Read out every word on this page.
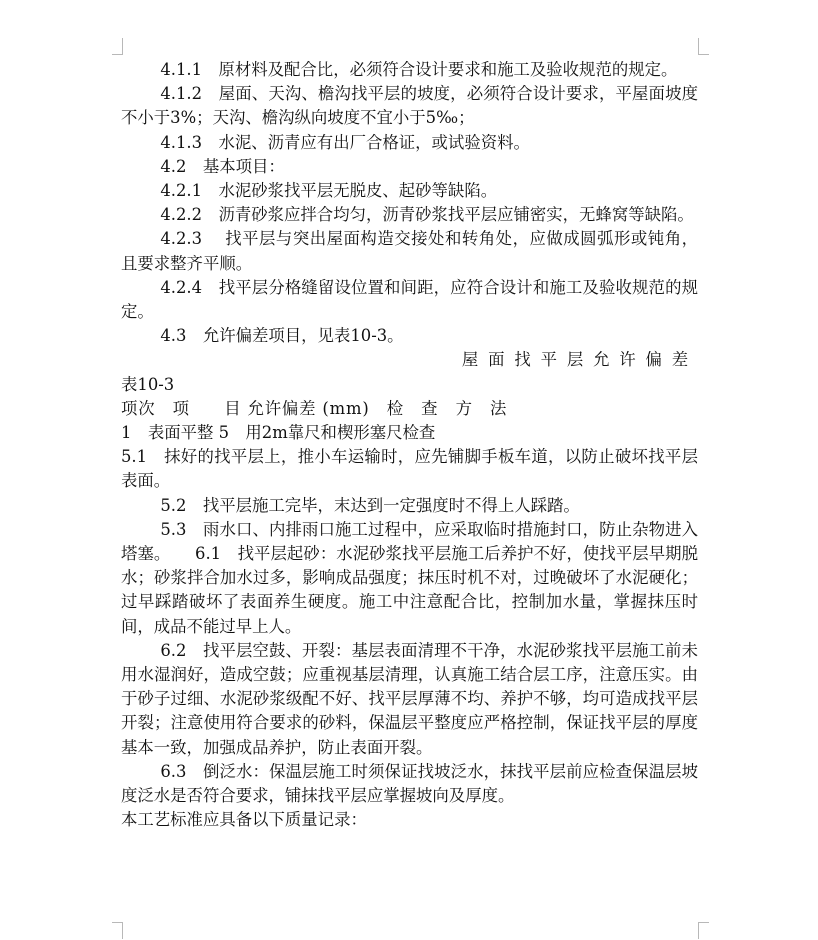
4.1.1　原材料及配合比，必须符合设计要求和施工及验收规范的规定。

4.1.2　屋面、天沟、檐沟找平层的坡度，必须符合设计要求，平屋面坡度不小于3%；天沟、檐沟纵向坡度不宜小于5‰；

4.1.3　水泥、沥青应有出厂合格证，或试验资料。

4.2　基本项目：

4.2.1　水泥砂浆找平层无脱皮、起砂等缺陷。

4.2.2　沥青砂浆应拌合均匀，沥青砂浆找平层应铺密实，无蜂窝等缺陷。

4.2.3　 找平层与突出屋面构造交接处和转角处，应做成圆弧形或钝角，且要求整齐平顺。

4.2.4　找平层分格缝留设位置和间距，应符合设计和施工及验收规范的规定。

4.3　允许偏差项目，见表10-3。

屋面找平层允许偏差

表10-3

项次　项　　目 允许偏差 (mm)　检　查　方　法

1　表面平整 5　用2m靠尺和楔形塞尺检查

5.1　抹好的找平层上，推小车运输时，应先铺脚手板车道，以防止破坏找平层表面。

5.2　找平层施工完毕，末达到一定强度时不得上人踩踏。

5.3　雨水口、内排雨口施工过程中，应采取临时措施封口，防止杂物进入塔塞。　　6.1　找平层起砂：水泥砂浆找平层施工后养护不好，使找平层早期脱水；砂浆拌合加水过多，影响成品强度；抹压时机不对，过晚破坏了水泥硬化；过早踩踏破坏了表面养生硬度。施工中注意配合比，控制加水量，掌握抹压时间，成品不能过早上人。

6.2　找平层空鼓、开裂：基层表面清理不干净，水泥砂浆找平层施工前未用水湿润好，造成空鼓；应重视基层清理，认真施工结合层工序，注意压实。由于砂子过细、水泥砂浆级配不好、找平层厚薄不均、养护不够，均可造成找平层开裂；注意使用符合要求的砂料，保温层平整度应严格控制，保证找平层的厚度基本一致，加强成品养护，防止表面开裂。

6.3　倒泛水：保温层施工时须保证找坡泛水，抹找平层前应检查保温层坡度泛水是否符合要求，铺抹找平层应掌握坡向及厚度。

本工艺标准应具备以下质量记录：
